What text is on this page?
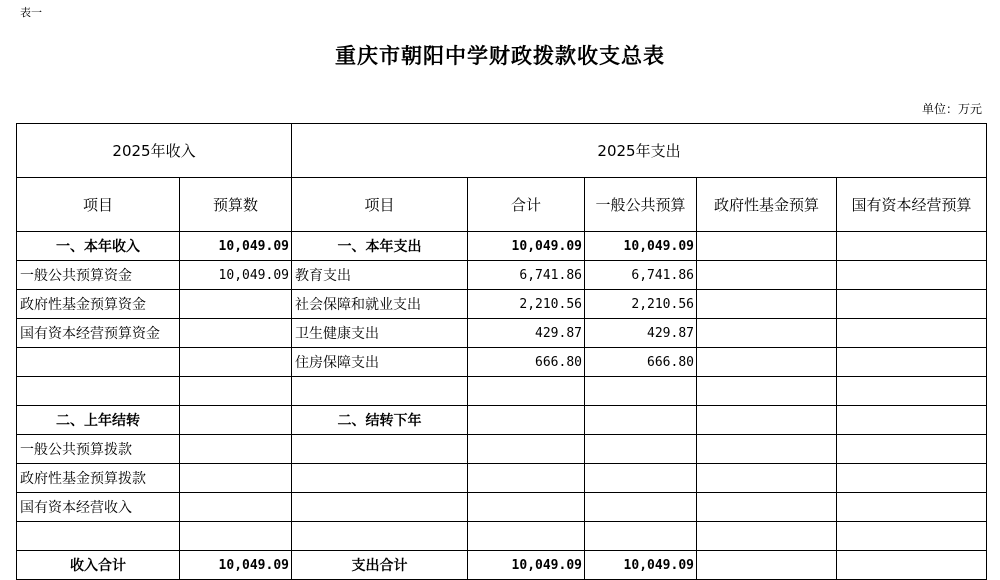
表一
重庆市朝阳中学财政拨款收支总表
单位：万元
2025年收入		2025年支出				
项目	预算数	项目	合计	一般公共预算	政府性基金预算	国有资本经营预算
一、本年收入	10,049.09	一、本年支出	10,049.09	10,049.09		
一般公共预算资金	10,049.09	教育支出	6,741.86	6,741.86		
政府性基金预算资金		社会保障和就业支出	2,210.56	2,210.56		
国有资本经营预算资金		卫生健康支出	429.87	429.87		
		住房保障支出	666.80	666.80		

二、上年结转		二、结转下年				
一般公共预算拨款						
政府性基金预算拨款						
国有资本经营收入						

收入合计	10,049.09	支出合计	10,049.09	10,049.09		
